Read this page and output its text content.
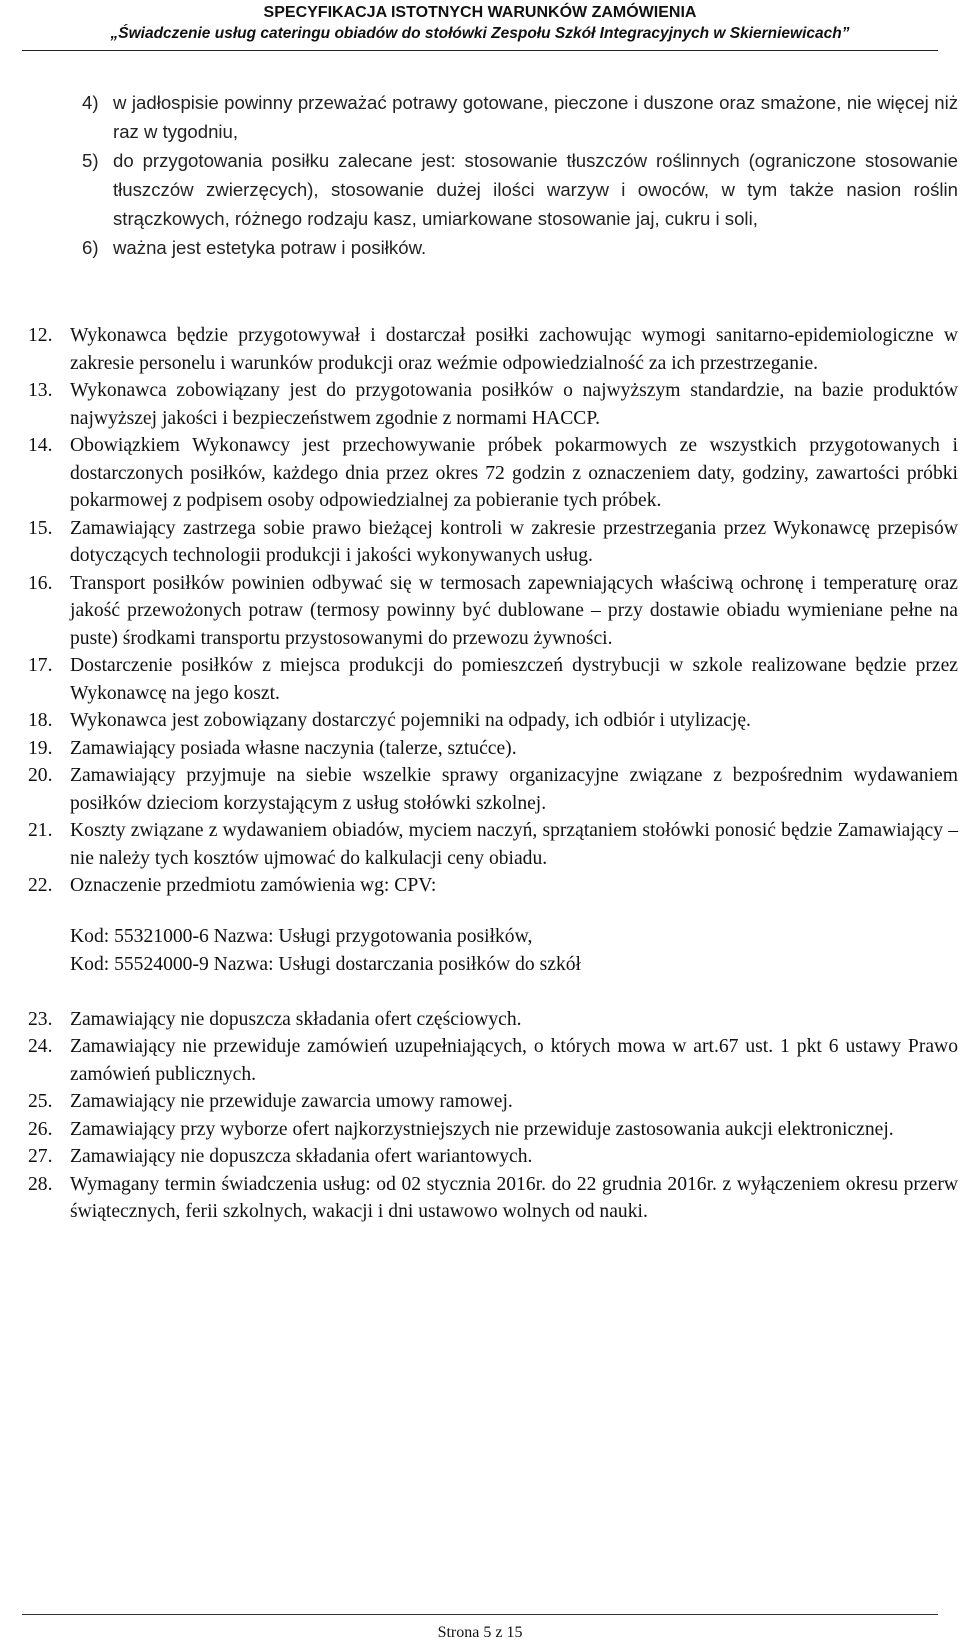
SPECYFIKACJA ISTOTNYCH WARUNKÓW ZAMÓWIENIA
„Świadczenie usług cateringu obiadów do stołówki Zespołu Szkół Integracyjnych w Skierniewicach”
4) w jadłospisie powinny przeważać potrawy gotowane, pieczone i duszone oraz smażone, nie więcej niż raz w tygodniu,
5) do przygotowania posiłku zalecane jest: stosowanie tłuszczów roślinnych (ograniczone stosowanie tłuszczów zwierzęcych), stosowanie dużej ilości warzyw i owoców, w tym także nasion roślin strączkowych, różnego rodzaju kasz, umiarkowane stosowanie jaj, cukru i soli,
6) ważna jest estetyka potraw i posiłków.
12. Wykonawca będzie przygotowywał i dostarczał posiłki zachowując wymogi sanitarno-epidemiologiczne w zakresie personelu i warunków produkcji oraz weźmie odpowiedzialność za ich przestrzeganie.
13. Wykonawca zobowiązany jest do przygotowania posiłków o najwyższym standardzie, na bazie produktów najwyższej jakości i bezpieczeństwem zgodnie z normami HACCP.
14. Obowiązkiem Wykonawcy jest przechowywanie próbek pokarmowych ze wszystkich przygotowanych i dostarczonych posiłków, każdego dnia przez okres 72 godzin z oznaczeniem daty, godziny, zawartości próbki pokarmowej z podpisem osoby odpowiedzialnej za pobieranie tych próbek.
15. Zamawiający zastrzega sobie prawo bieżącej kontroli w zakresie przestrzegania przez Wykonawcę przepisów dotyczących technologii produkcji i jakości wykonywanych usług.
16. Transport posiłków powinien odbywać się w termosach zapewniających właściwą ochronę i temperaturę oraz jakość przewożonych potraw (termosy powinny być dublowane – przy dostawie obiadu wymieniane pełne na puste) środkami transportu przystosowanymi do przewozu żywności.
17. Dostarczenie posiłków z miejsca produkcji do pomieszczeń dystrybucji w szkole realizowane będzie przez Wykonawcę na jego koszt.
18. Wykonawca jest zobowiązany dostarczyć pojemniki na odpady, ich odbiór i utylizację.
19. Zamawiający posiada własne naczynia (talerze, sztućce).
20. Zamawiający przyjmuje na siebie wszelkie sprawy organizacyjne związane z bezpośrednim wydawaniem posiłków dzieciom korzystającym z usług stołówki szkolnej.
21. Koszty związane z wydawaniem obiadów, myciem naczyń, sprzątaniem stołówki ponosić będzie Zamawiający – nie należy tych kosztów ujmować do kalkulacji ceny obiadu.
22. Oznaczenie przedmiotu zamówienia wg: CPV:
Kod: 55321000-6 Nazwa: Usługi przygotowania posiłków,
Kod: 55524000-9 Nazwa: Usługi dostarczania posiłków do szkół
23. Zamawiający nie dopuszcza składania ofert częściowych.
24. Zamawiający nie przewiduje zamówień uzupełniających, o których mowa w art.67 ust. 1 pkt 6 ustawy Prawo zamówień publicznych.
25. Zamawiający nie przewiduje zawarcia umowy ramowej.
26. Zamawiający przy wyborze ofert najkorzystniejszych nie przewiduje zastosowania aukcji elektronicznej.
27. Zamawiający nie dopuszcza składania ofert wariantowych.
28. Wymagany termin świadczenia usług: od 02 stycznia 2016r. do 22 grudnia 2016r. z wyłączeniem okresu przerw świątecznych, ferii szkolnych, wakacji i dni ustawowo wolnych od nauki.
Strona 5 z 15
